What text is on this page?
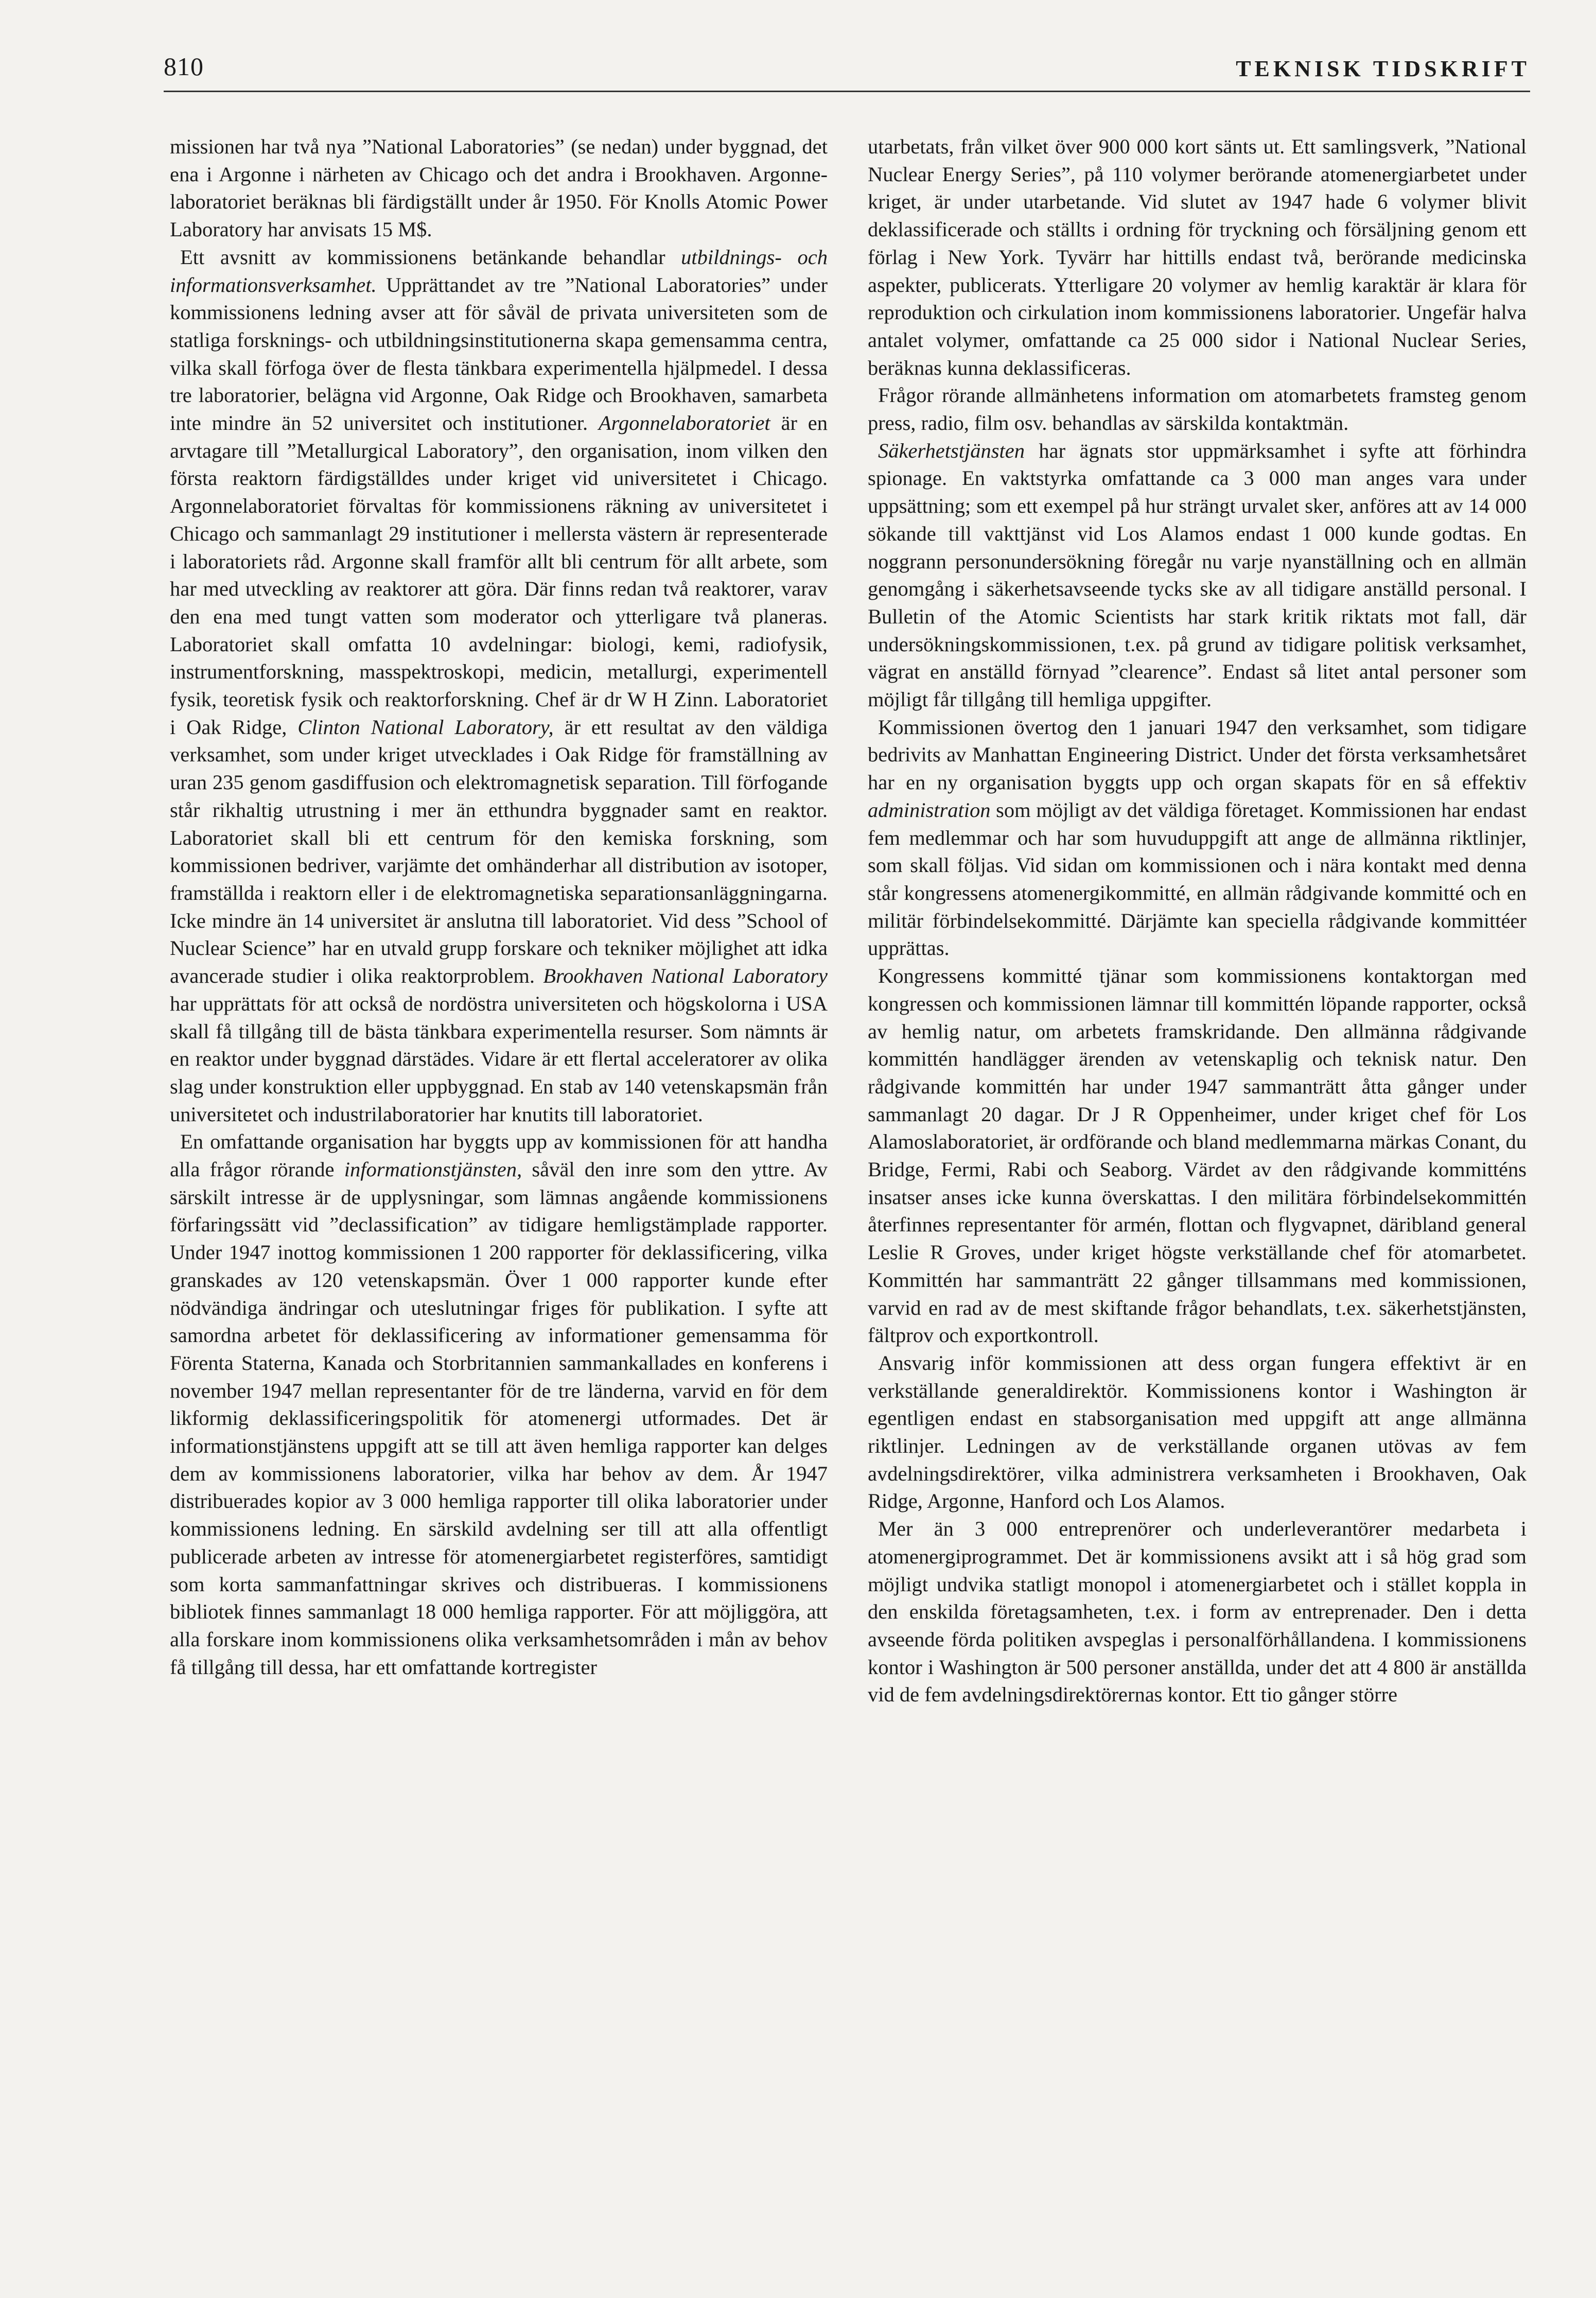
810	TEKNISK TIDSKRIFT

missionen har två nya ”National Laboratories” (se nedan) under byggnad, det ena i Argonne i närheten av Chicago och det andra i Brookhaven. Argonne-laboratoriet beräknas bli färdigställt under år 1950. För Knolls Atomic Power Laboratory har anvisats 15 M$.

Ett avsnitt av kommissionens betänkande behandlar utbildnings- och informationsverksamhet. Upprättandet av tre ”National Laboratories” under kommissionens ledning avser att för såväl de privata universiteten som de statliga forsknings- och utbildningsinstitutionerna skapa gemensamma centra, vilka skall förfoga över de flesta tänkbara experimentella hjälpmedel. I dessa tre laboratorier, belägna vid Argonne, Oak Ridge och Brookhaven, samarbeta inte mindre än 52 universitet och institutioner. Argonnelaboratoriet är en arvtagare till ”Metallurgical Laboratory”, den organisation, inom vilken den första reaktorn färdigställdes under kriget vid universitetet i Chicago. Argonnelaboratoriet förvaltas för kommissionens räkning av universitetet i Chicago och sammanlagt 29 institutioner i mellersta västern är representerade i laboratoriets råd. Argonne skall framför allt bli centrum för allt arbete, som har med utveckling av reaktorer att göra. Där finns redan två reaktorer, varav den ena med tungt vatten som moderator och ytterligare två planeras. Laboratoriet skall omfatta 10 avdelningar: biologi, kemi, radiofysik, instrumentforskning, masspektroskopi, medicin, metallurgi, experimentell fysik, teoretisk fysik och reaktorforskning. Chef är dr W H Zinn. Laboratoriet i Oak Ridge, Clinton National Laboratory, är ett resultat av den väldiga verksamhet, som under kriget utvecklades i Oak Ridge för framställning av uran 235 genom gasdiffusion och elektromagnetisk separation. Till förfogande står rikhaltig utrustning i mer än etthundra byggnader samt en reaktor. Laboratoriet skall bli ett centrum för den kemiska forskning, som kommissionen bedriver, varjämte det omhänderhar all distribution av isotoper, framställda i reaktorn eller i de elektromagnetiska separationsanläggningarna. Icke mindre än 14 universitet är anslutna till laboratoriet. Vid dess ”School of Nuclear Science” har en utvald grupp forskare och tekniker möjlighet att idka avancerade studier i olika reaktorproblem. Brookhaven National Laboratory har upprättats för att också de nordöstra universiteten och högskolorna i USA skall få tillgång till de bästa tänkbara experimentella resurser. Som nämnts är en reaktor under byggnad därstädes. Vidare är ett flertal acceleratorer av olika slag under konstruktion eller uppbyggnad. En stab av 140 vetenskapsmän från universitetet och industrilaboratorier har knutits till laboratoriet.

En omfattande organisation har byggts upp av kommissionen för att handha alla frågor rörande informationstjänsten, såväl den inre som den yttre. Av särskilt intresse är de upplysningar, som lämnas angående kommissionens förfaringssätt vid ”declassification” av tidigare hemligstämplade rapporter. Under 1947 inottog kommissionen 1 200 rapporter för deklassificering, vilka granskades av 120 vetenskapsmän. Över 1 000 rapporter kunde efter nödvändiga ändringar och uteslutningar friges för publikation. I syfte att samordna arbetet för deklassificering av informationer gemensamma för Förenta Staterna, Kanada och Storbritannien sammankallades en konferens i november 1947 mellan representanter för de tre länderna, varvid en för dem likformig deklassificeringspolitik för atomenergi utformades. Det är informationstjänstens uppgift att se till att även hemliga rapporter kan delges dem av kommissionens laboratorier, vilka har behov av dem. År 1947 distribuerades kopior av 3 000 hemliga rapporter till olika laboratorier under kommissionens ledning. En särskild avdelning ser till att alla offentligt publicerade arbeten av intresse för atomenergiarbetet registerföres, samtidigt som korta sammanfattningar skrives och distribueras. I kommissionens bibliotek finnes sammanlagt 18 000 hemliga rapporter. För att möjliggöra, att alla forskare inom kommissionens olika verksamhetsområden i mån av behov få tillgång till dessa, har ett omfattande kortregister

utarbetats, från vilket över 900 000 kort sänts ut. Ett samlingsverk, ”National Nuclear Energy Series”, på 110 volymer berörande atomenergiarbetet under kriget, är under utarbetande. Vid slutet av 1947 hade 6 volymer blivit deklassificerade och ställts i ordning för tryckning och försäljning genom ett förlag i New York. Tyvärr har hittills endast två, berörande medicinska aspekter, publicerats. Ytterligare 20 volymer av hemlig karaktär är klara för reproduktion och cirkulation inom kommissionens laboratorier. Ungefär halva antalet volymer, omfattande ca 25 000 sidor i National Nuclear Series, beräknas kunna deklassificeras.

Frågor rörande allmänhetens information om atomarbetets framsteg genom press, radio, film osv. behandlas av särskilda kontaktmän.

Säkerhetstjänsten har ägnats stor uppmärksamhet i syfte att förhindra spionage. En vaktstyrka omfattande ca 3 000 man anges vara under uppsättning; som ett exempel på hur strängt urvalet sker, anföres att av 14 000 sökande till vakttjänst vid Los Alamos endast 1 000 kunde godtas. En noggrann personundersökning föregår nu varje nyanställning och en allmän genomgång i säkerhetsavseende tycks ske av all tidigare anställd personal. I Bulletin of the Atomic Scientists har stark kritik riktats mot fall, där undersökningskommissionen, t.ex. på grund av tidigare politisk verksamhet, vägrat en anställd förnyad ”clearence”. Endast så litet antal personer som möjligt får tillgång till hemliga uppgifter.

Kommissionen övertog den 1 januari 1947 den verksamhet, som tidigare bedrivits av Manhattan Engineering District. Under det första verksamhetsåret har en ny organisation byggts upp och organ skapats för en så effektiv administration som möjligt av det väldiga företaget. Kommissionen har endast fem medlemmar och har som huvuduppgift att ange de allmänna riktlinjer, som skall följas. Vid sidan om kommissionen och i nära kontakt med denna står kongressens atomenergikommitté, en allmän rådgivande kommitté och en militär förbindelsekommitté. Därjämte kan speciella rådgivande kommittéer upprättas.

Kongressens kommitté tjänar som kommissionens kontaktorgan med kongressen och kommissionen lämnar till kommittén löpande rapporter, också av hemlig natur, om arbetets framskridande. Den allmänna rådgivande kommittén handlägger ärenden av vetenskaplig och teknisk natur. Den rådgivande kommittén har under 1947 sammanträtt åtta gånger under sammanlagt 20 dagar. Dr J R Oppenheimer, under kriget chef för Los Alamoslaboratoriet, är ordförande och bland medlemmarna märkas Conant, du Bridge, Fermi, Rabi och Seaborg. Värdet av den rådgivande kommitténs insatser anses icke kunna överskattas. I den militära förbindelsekommittén återfinnes representanter för armén, flottan och flygvapnet, däribland general Leslie R Groves, under kriget högste verkställande chef för atomarbetet. Kommittén har sammanträtt 22 gånger tillsammans med kommissionen, varvid en rad av de mest skiftande frågor behandlats, t.ex. säkerhetstjänsten, fältprov och exportkontroll.

Ansvarig inför kommissionen att dess organ fungera effektivt är en verkställande generaldirektör. Kommissionens kontor i Washington är egentligen endast en stabsorganisation med uppgift att ange allmänna riktlinjer. Ledningen av de verkställande organen utövas av fem avdelningsdirektörer, vilka administrera verksamheten i Brookhaven, Oak Ridge, Argonne, Hanford och Los Alamos.

Mer än 3 000 entreprenörer och underleverantörer medarbeta i atomenergiprogrammet. Det är kommissionens avsikt att i så hög grad som möjligt undvika statligt monopol i atomenergiarbetet och i stället koppla in den enskilda företagsamheten, t.ex. i form av entreprenader. Den i detta avseende förda politiken avspeglas i personalförhållandena. I kommissionens kontor i Washington är 500 personer anställda, under det att 4 800 är anställda vid de fem avdelningsdirektörernas kontor. Ett tio gånger större
